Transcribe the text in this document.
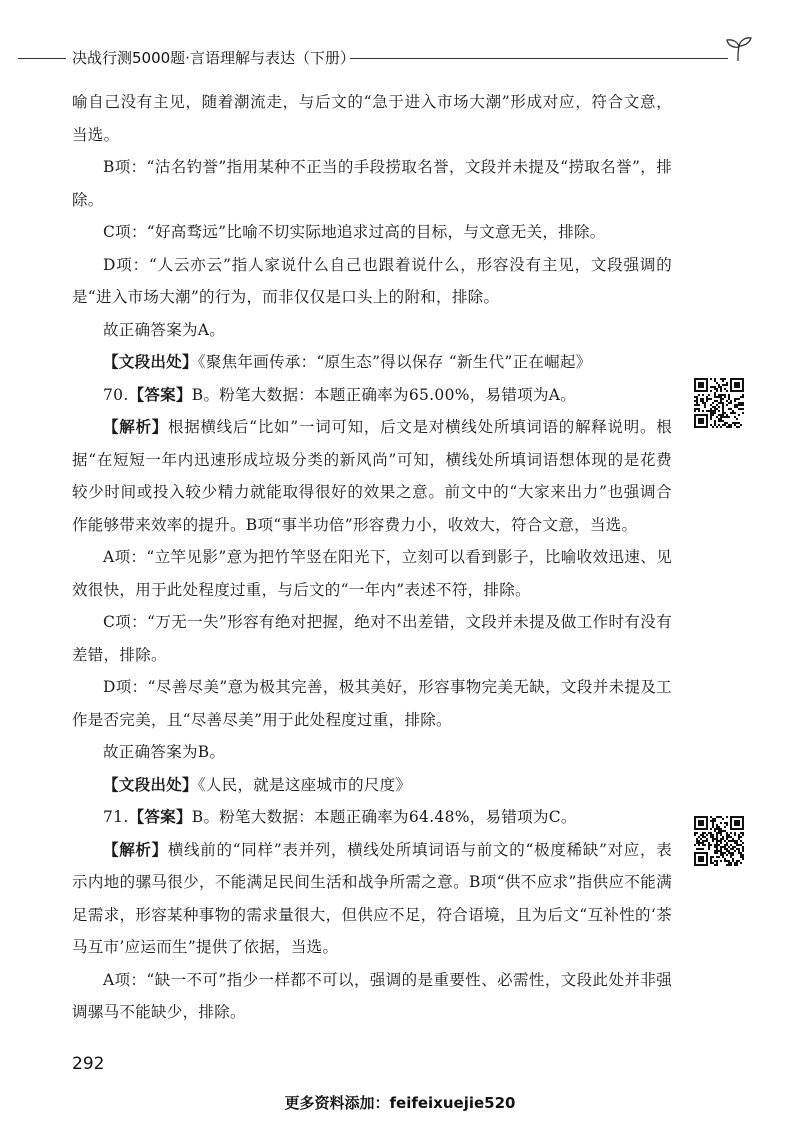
决战行测5000题·言语理解与表达（下册）

喻自己没有主见，随着潮流走，与后文的“急于进入市场大潮”形成对应，符合文意，当选。

B项：“沽名钓誉”指用某种不正当的手段捞取名誉，文段并未提及“捞取名誉”，排除。

C项：“好高骛远”比喻不切实际地追求过高的目标，与文意无关，排除。

D项：“人云亦云”指人家说什么自己也跟着说什么，形容没有主见，文段强调的是“进入市场大潮”的行为，而非仅仅是口头上的附和，排除。

故正确答案为A。

【文段出处】《聚焦年画传承：“原生态”得以保存 “新生代”正在崛起》

70.【答案】B。粉笔大数据：本题正确率为65.00%，易错项为A。

【解析】根据横线后“比如”一词可知，后文是对横线处所填词语的解释说明。根据“在短短一年内迅速形成垃圾分类的新风尚”可知，横线处所填词语想体现的是花费较少时间或投入较少精力就能取得很好的效果之意。前文中的“大家来出力”也强调合作能够带来效率的提升。B项“事半功倍”形容费力小，收效大，符合文意，当选。

A项：“立竿见影”意为把竹竿竖在阳光下，立刻可以看到影子，比喻收效迅速、见效很快，用于此处程度过重，与后文的“一年内”表述不符，排除。

C项：“万无一失”形容有绝对把握，绝对不出差错，文段并未提及做工作时有没有差错，排除。

D项：“尽善尽美”意为极其完善，极其美好，形容事物完美无缺，文段并未提及工作是否完美，且“尽善尽美”用于此处程度过重，排除。

故正确答案为B。

【文段出处】《人民，就是这座城市的尺度》

71.【答案】B。粉笔大数据：本题正确率为64.48%，易错项为C。

【解析】横线前的“同样”表并列，横线处所填词语与前文的“极度稀缺”对应，表示内地的骡马很少，不能满足民间生活和战争所需之意。B项“供不应求”指供应不能满足需求，形容某种事物的需求量很大，但供应不足，符合语境，且为后文“互补性的‘茶马互市’应运而生”提供了依据，当选。

A项：“缺一不可”指少一样都不可以，强调的是重要性、必需性，文段此处并非强调骡马不能缺少，排除。

292
更多资料添加：feifeixuejie520
